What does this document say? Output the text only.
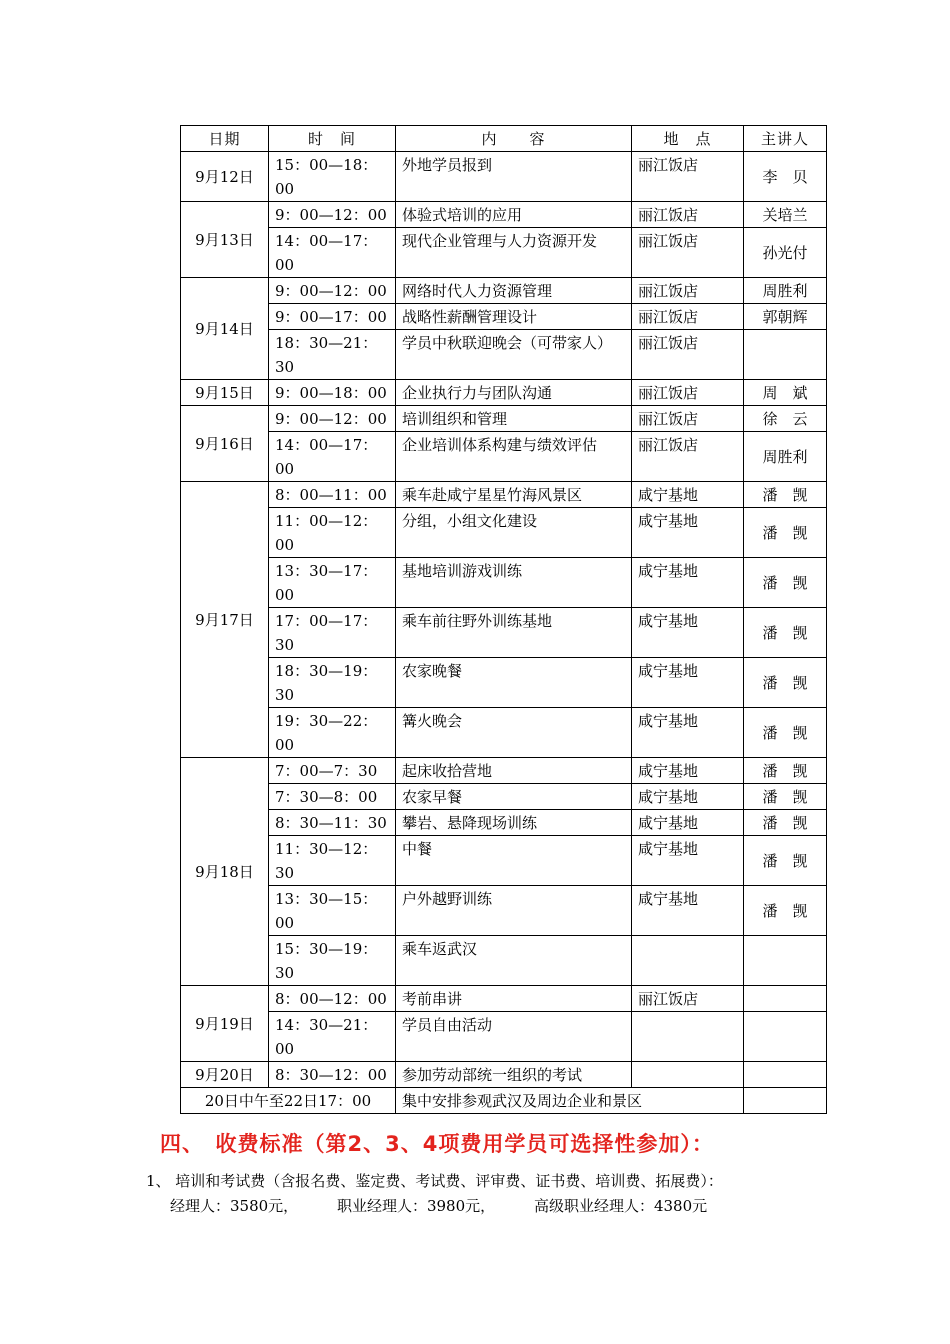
日期	时　间	内　　容	地　点	主讲人
9月12日	15：00—18：00	外地学员报到	丽江饭店	李　贝
9月13日	9：00—12：00	体验式培训的应用	丽江饭店	关培兰
	14：00—17：00	现代企业管理与人力资源开发	丽江饭店	孙光付
9月14日	9：00—12：00	网络时代人力资源管理	丽江饭店	周胜利
	9：00—17：00	战略性薪酬管理设计	丽江饭店	郭朝辉
	18：30—21：30	学员中秋联迎晚会（可带家人）	丽江饭店	
9月15日	9：00—18：00	企业执行力与团队沟通	丽江饭店	周　斌
9月16日	9：00—12：00	培训组织和管理	丽江饭店	徐　云
	14：00—17：00	企业培训体系构建与绩效评估	丽江饭店	周胜利
9月17日	8：00—11：00	乘车赴咸宁星星竹海风景区	咸宁基地	潘　觊
	11：00—12：00	分组，小组文化建设	咸宁基地	潘　觊
	13：30—17：00	基地培训游戏训练	咸宁基地	潘　觊
	17：00—17：30	乘车前往野外训练基地	咸宁基地	潘　觊
	18：30—19：30	农家晚餐	咸宁基地	潘　觊
	19：30—22：00	篝火晚会	咸宁基地	潘　觊
9月18日	7：00—7：30	起床收拾营地	咸宁基地	潘　觊
	7：30—8：00	农家早餐	咸宁基地	潘　觊
	8：30—11：30	攀岩、悬降现场训练	咸宁基地	潘　觊
	11：30—12：30	中餐	咸宁基地	潘　觊
	13：30—15：00	户外越野训练	咸宁基地	潘　觊
	15：30—19：30	乘车返武汉		
9月19日	8：00—12：00	考前串讲	丽江饭店	
	14：30—21：00	学员自由活动		
9月20日	8：30—12：00	参加劳动部统一组织的考试		
20日中午至22日17：00		集中安排参观武汉及周边企业和景区		
四、　收费标准（第2、3、4项费用学员可选择性参加）：
1、 培训和考试费（含报名费、鉴定费、考试费、评审费、证书费、培训费、拓展费）：
经理人：3580元，	职业经理人：3980元，	高级职业经理人：4380元
